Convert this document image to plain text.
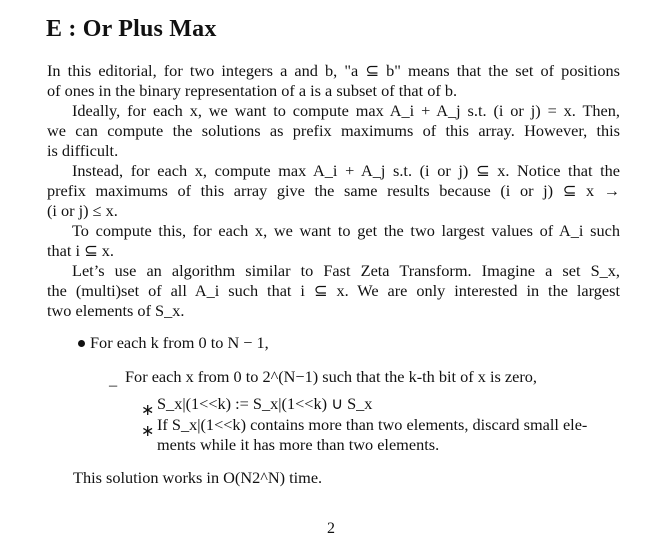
E : Or Plus Max
In this editorial, for two integers a and b, "a ⊆ b" means that the set of positions
of ones in the binary representation of a is a subset of that of b.
Ideally, for each x, we want to compute max A_i + A_j s.t. (i or j) = x. Then,
we can compute the solutions as prefix maximums of this array. However, this
is difficult.
Instead, for each x, compute max A_i + A_j s.t. (i or j) ⊆ x. Notice that the
prefix maximums of this array give the same results because (i or j) ⊆ x →
(i or j) ≤ x.
To compute this, for each x, we want to get the two largest values of A_i such
that i ⊆ x.
Let’s use an algorithm similar to Fast Zeta Transform. Imagine a set S_x,
the (multi)set of all A_i such that i ⊆ x. We are only interested in the largest
two elements of S_x.
For each k from 0 to N − 1,
– For each x from 0 to 2^(N−1) such that the k-th bit of x is zero,
∗ S_x|(1<<k) := S_x|(1<<k) ∪ S_x
∗ If S_x|(1<<k) contains more than two elements, discard small ele-
ments while it has more than two elements.
This solution works in O(N2^N) time.
2
